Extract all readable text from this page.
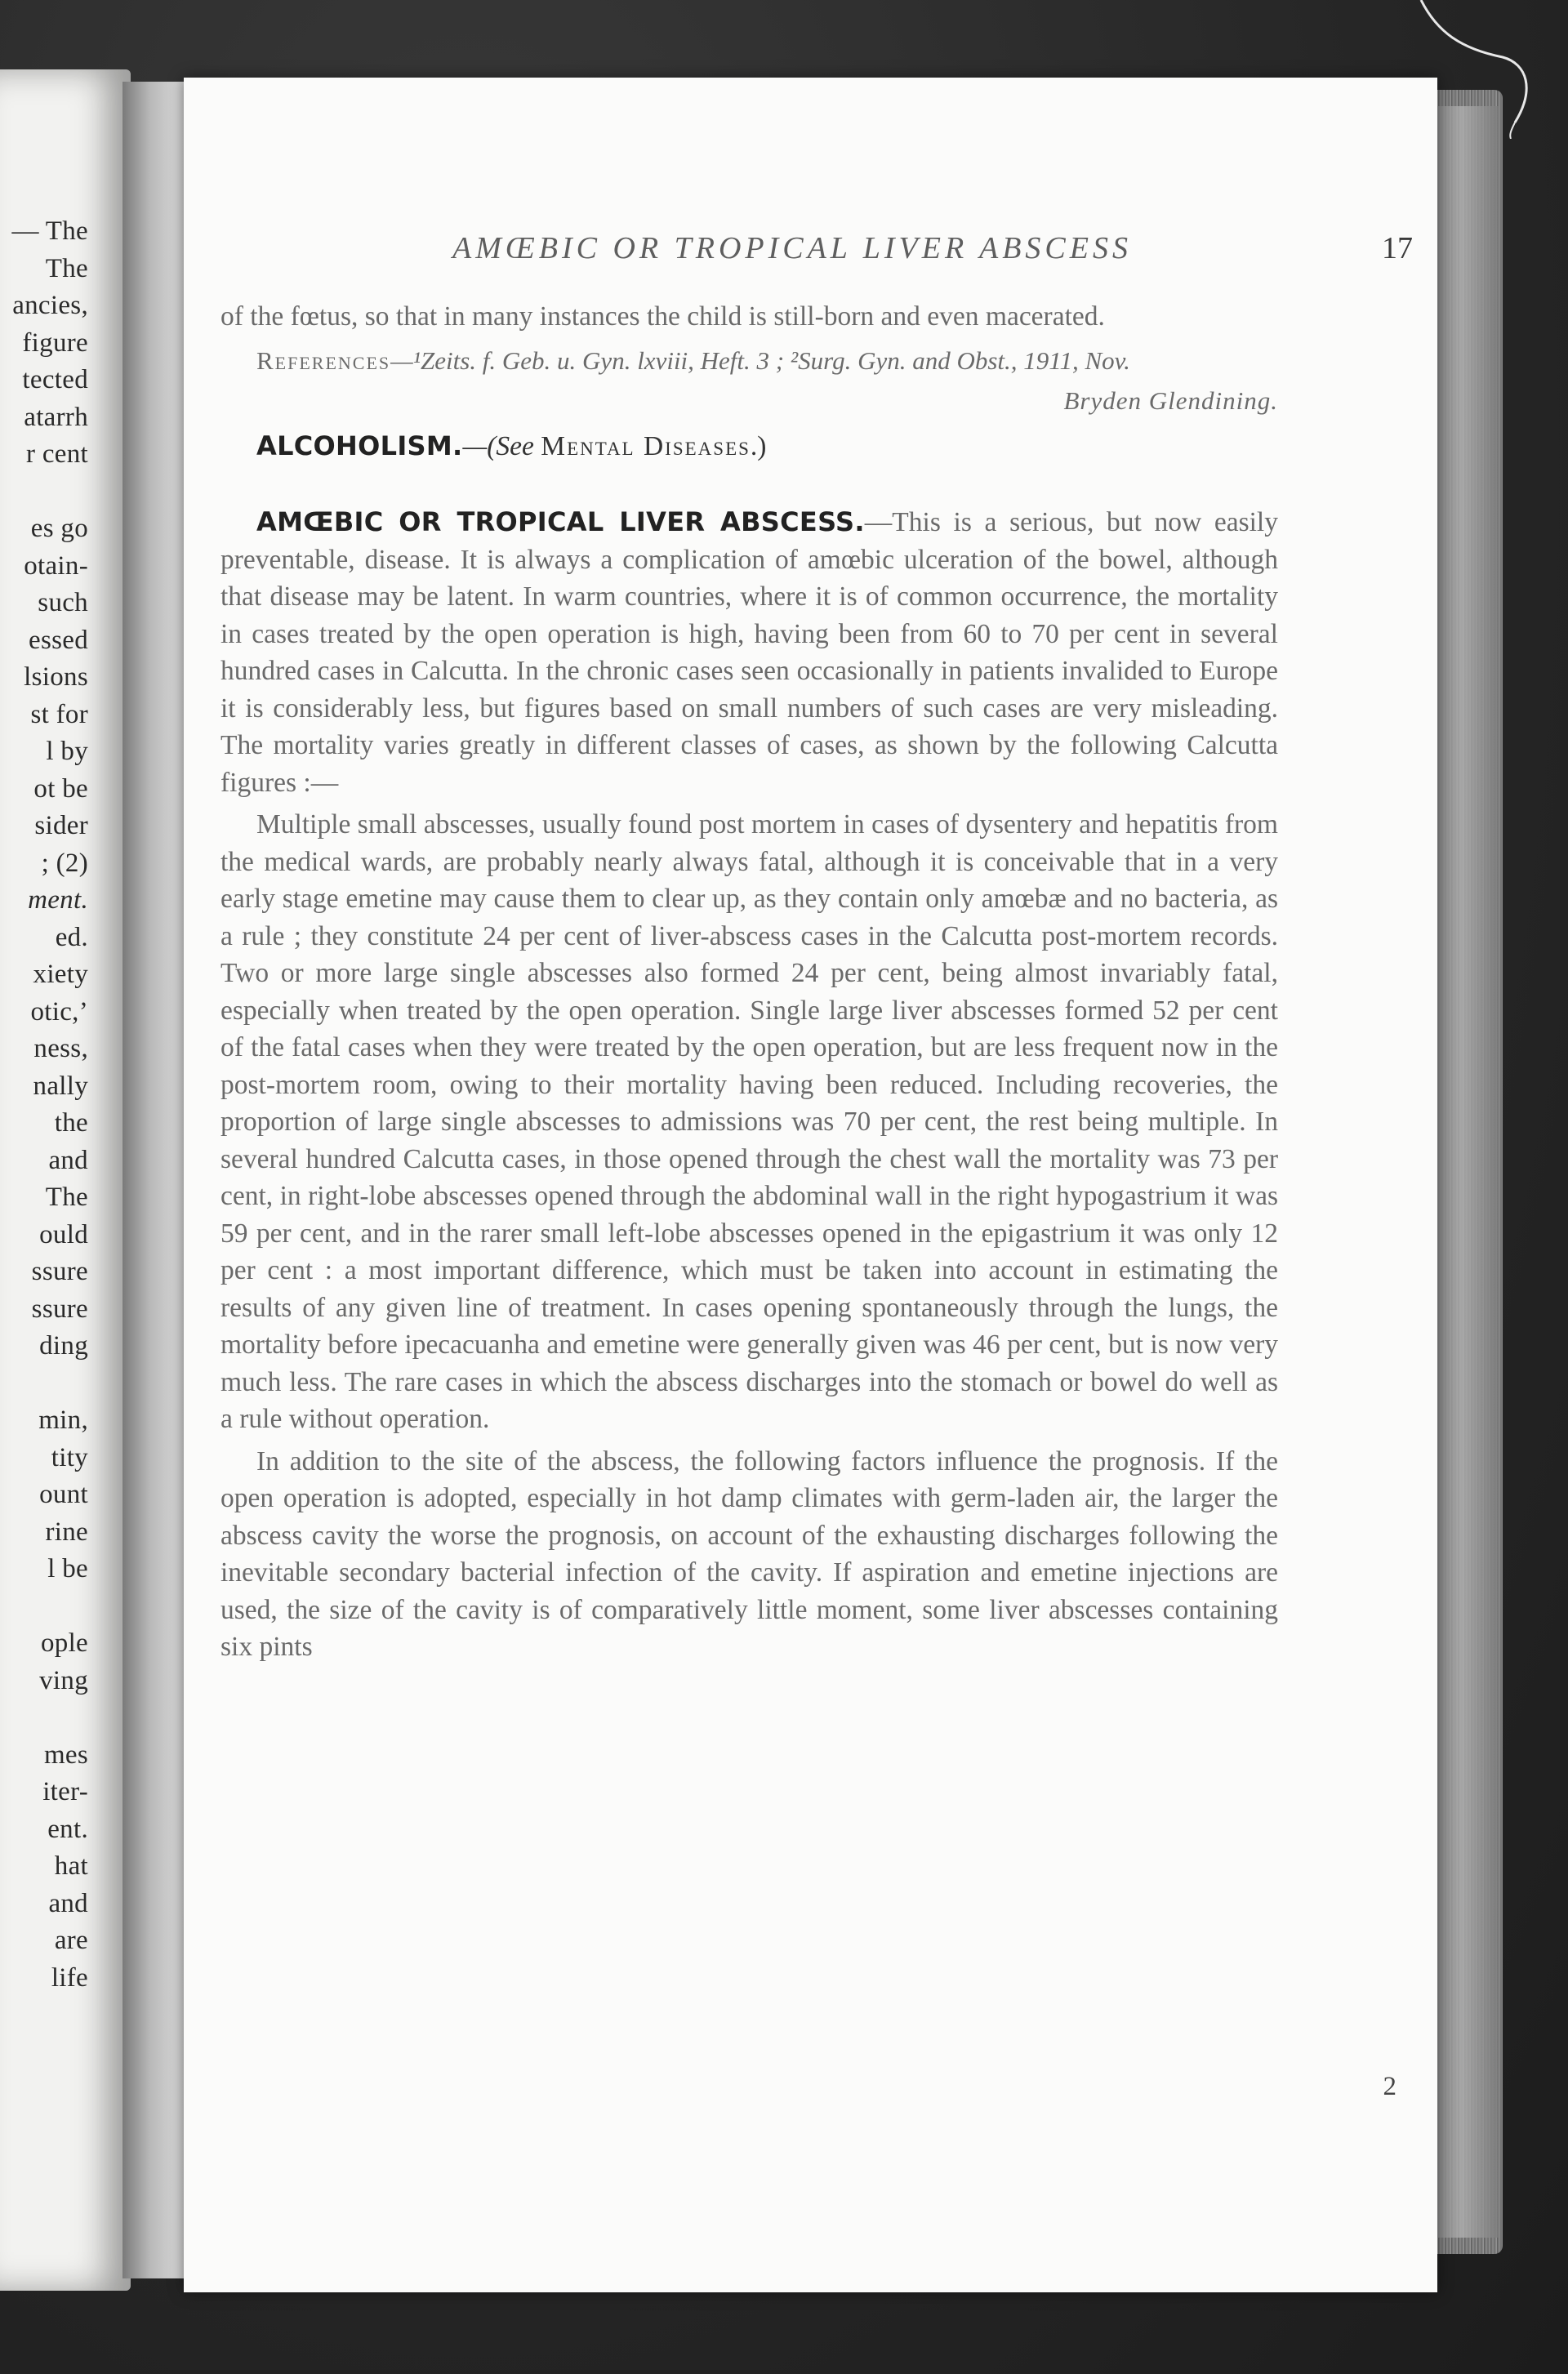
— The
The
ancies,
figure
tected
atarrh
r cent
es go
otain-
such
essed
lsions
st for
l by
ot be
sider
; (2)
ment.
ed.
xiety
otic,’
ness,
nally
the
and
The
ould
ssure
ssure
ding
min,
tity
ount
rine
l be
ople
ving
mes
iter-
ent.
hat
and
are
life
AMŒBIC OR TROPICAL LIVER ABSCESS	17

of the fœtus, so that in many instances the child is still-born and even macerated.

References—¹Zeits. f. Geb. u. Gyn. lxviii, Heft. 3 ; ²Surg. Gyn. and Obst., 1911, Nov.

Bryden Glendining.

ALCOHOLISM.—(See Mental Diseases.)

AMŒBIC OR TROPICAL LIVER ABSCESS.—This is a serious, but now easily preventable, disease. It is always a complication of amœbic ulceration of the bowel, although that disease may be latent. In warm countries, where it is of common occurrence, the mortality in cases treated by the open operation is high, having been from 60 to 70 per cent in several hundred cases in Calcutta. In the chronic cases seen occasionally in patients invalided to Europe it is considerably less, but figures based on small numbers of such cases are very misleading. The mortality varies greatly in different classes of cases, as shown by the following Calcutta figures :—

Multiple small abscesses, usually found post mortem in cases of dysentery and hepatitis from the medical wards, are probably nearly always fatal, although it is conceivable that in a very early stage emetine may cause them to clear up, as they contain only amœbæ and no bacteria, as a rule ; they constitute 24 per cent of liver-abscess cases in the Calcutta post-mortem records. Two or more large single abscesses also formed 24 per cent, being almost invariably fatal, especially when treated by the open operation. Single large liver abscesses formed 52 per cent of the fatal cases when they were treated by the open operation, but are less frequent now in the post-mortem room, owing to their mortality having been reduced. Including recoveries, the proportion of large single abscesses to admissions was 70 per cent, the rest being multiple. In several hundred Calcutta cases, in those opened through the chest wall the mortality was 73 per cent, in right-lobe abscesses opened through the abdominal wall in the right hypogastrium it was 59 per cent, and in the rarer small left-lobe abscesses opened in the epigastrium it was only 12 per cent : a most important difference, which must be taken into account in estimating the results of any given line of treatment. In cases opening spontaneously through the lungs, the mortality before ipecacuanha and emetine were generally given was 46 per cent, but is now very much less. The rare cases in which the abscess discharges into the stomach or bowel do well as a rule without operation.

In addition to the site of the abscess, the following factors influence the prognosis. If the open operation is adopted, especially in hot damp climates with germ-laden air, the larger the abscess cavity the worse the prognosis, on account of the exhausting discharges following the inevitable secondary bacterial infection of the cavity. If aspiration and emetine injections are used, the size of the cavity is of comparatively little moment, some liver abscesses containing six pints

2
